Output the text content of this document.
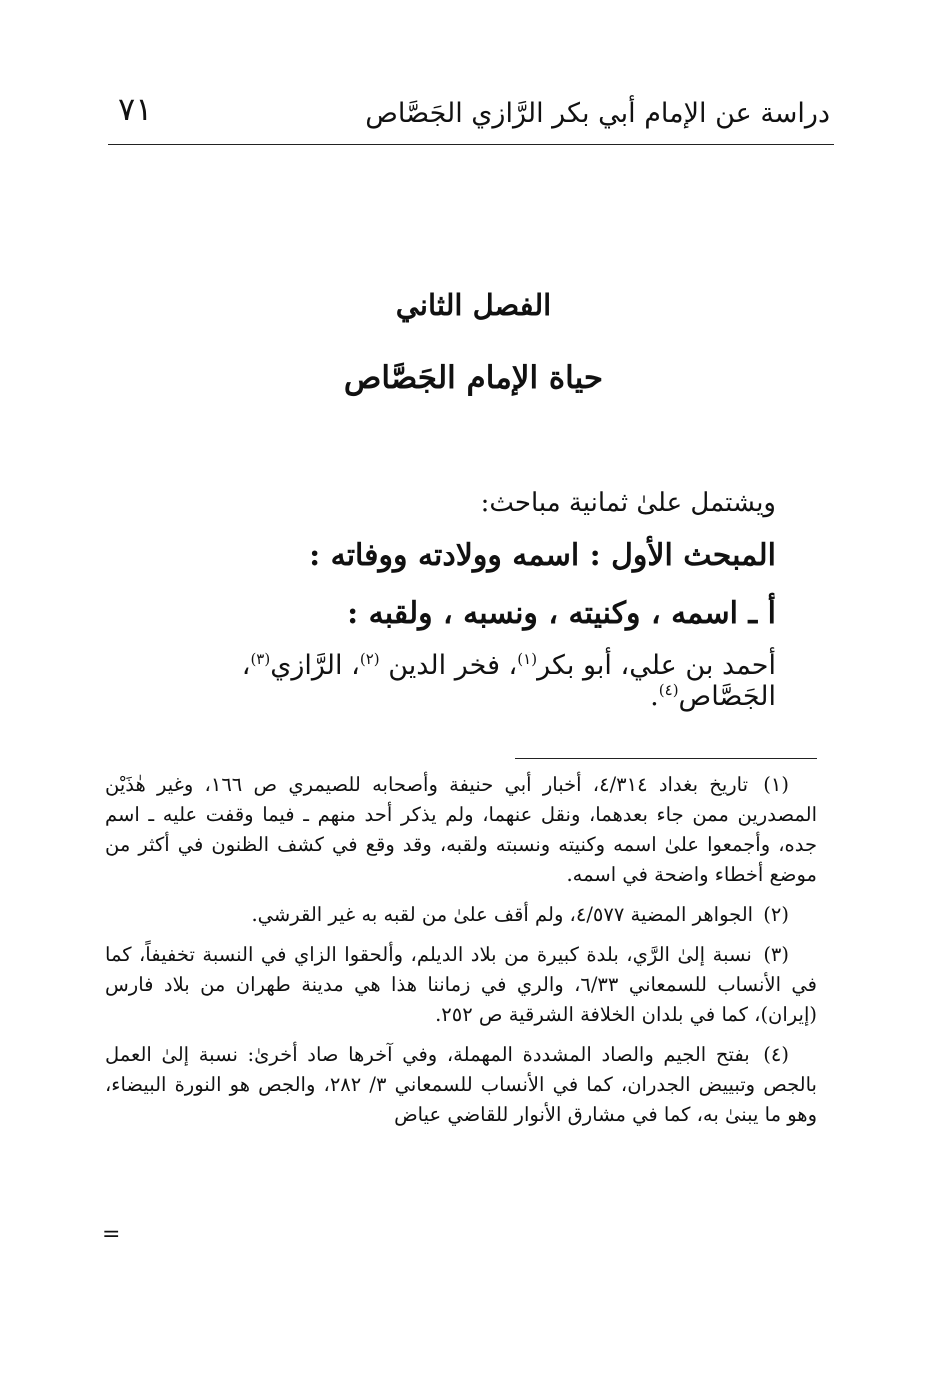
دراسة عن الإمام أبي بكر الرَّازي الجَصَّاص
٧١
الفصل الثاني
حياة الإمام الجَصَّاص
ويشتمل علىٰ ثمانية مباحث:
المبحث الأول : اسمه وولادته ووفاته :
أ ـ اسمه ، وكنيته ، ونسبه ، ولقبه :
أحمد بن علي، أبو بكر$^{(١)}$، فخر الدين $^{(٢)}$، الرَّازي$^{(٣)}$، الجَصَّاص$^{(٤)}$.

(١) تاريخ بغداد ٤/٣١٤، أخبار أبي حنيفة وأصحابه للصيمري ص ١٦٦، وغير هٰذَيْن المصدرين ممن جاء بعدهما، ونقل عنهما، ولم يذكر أحد منهم ـ فيما وقفت عليه ـ اسم جده، وأجمعوا علىٰ اسمه وكنيته ونسبته ولقبه، وقد وقع في كشف الظنون في أكثر من موضع أخطاء واضحة في اسمه.

(٢) الجواهر المضية ٤/٥٧٧، ولم أقف علىٰ من لقبه به غير القرشي.

(٣) نسبة إلىٰ الرَّي، بلدة كبيرة من بلاد الديلم، وألحقوا الزاي في النسبة تخفيفاً، كما في الأنساب للسمعاني ٦/٣٣، والري في زماننا هذا هي مدينة طهران من بلاد فارس (إيران)، كما في بلدان الخلافة الشرقية ص ٢٥٢.

(٤) بفتح الجيم والصاد المشددة المهملة، وفي آخرها صاد أخرىٰ: نسبة إلىٰ العمل بالجص وتبييض الجدران، كما في الأنساب للسمعاني ٣/ ٢٨٢، والجص هو النورة البيضاء، وهو ما يبنىٰ به، كما في مشارق الأنوار للقاضي عياض

=
